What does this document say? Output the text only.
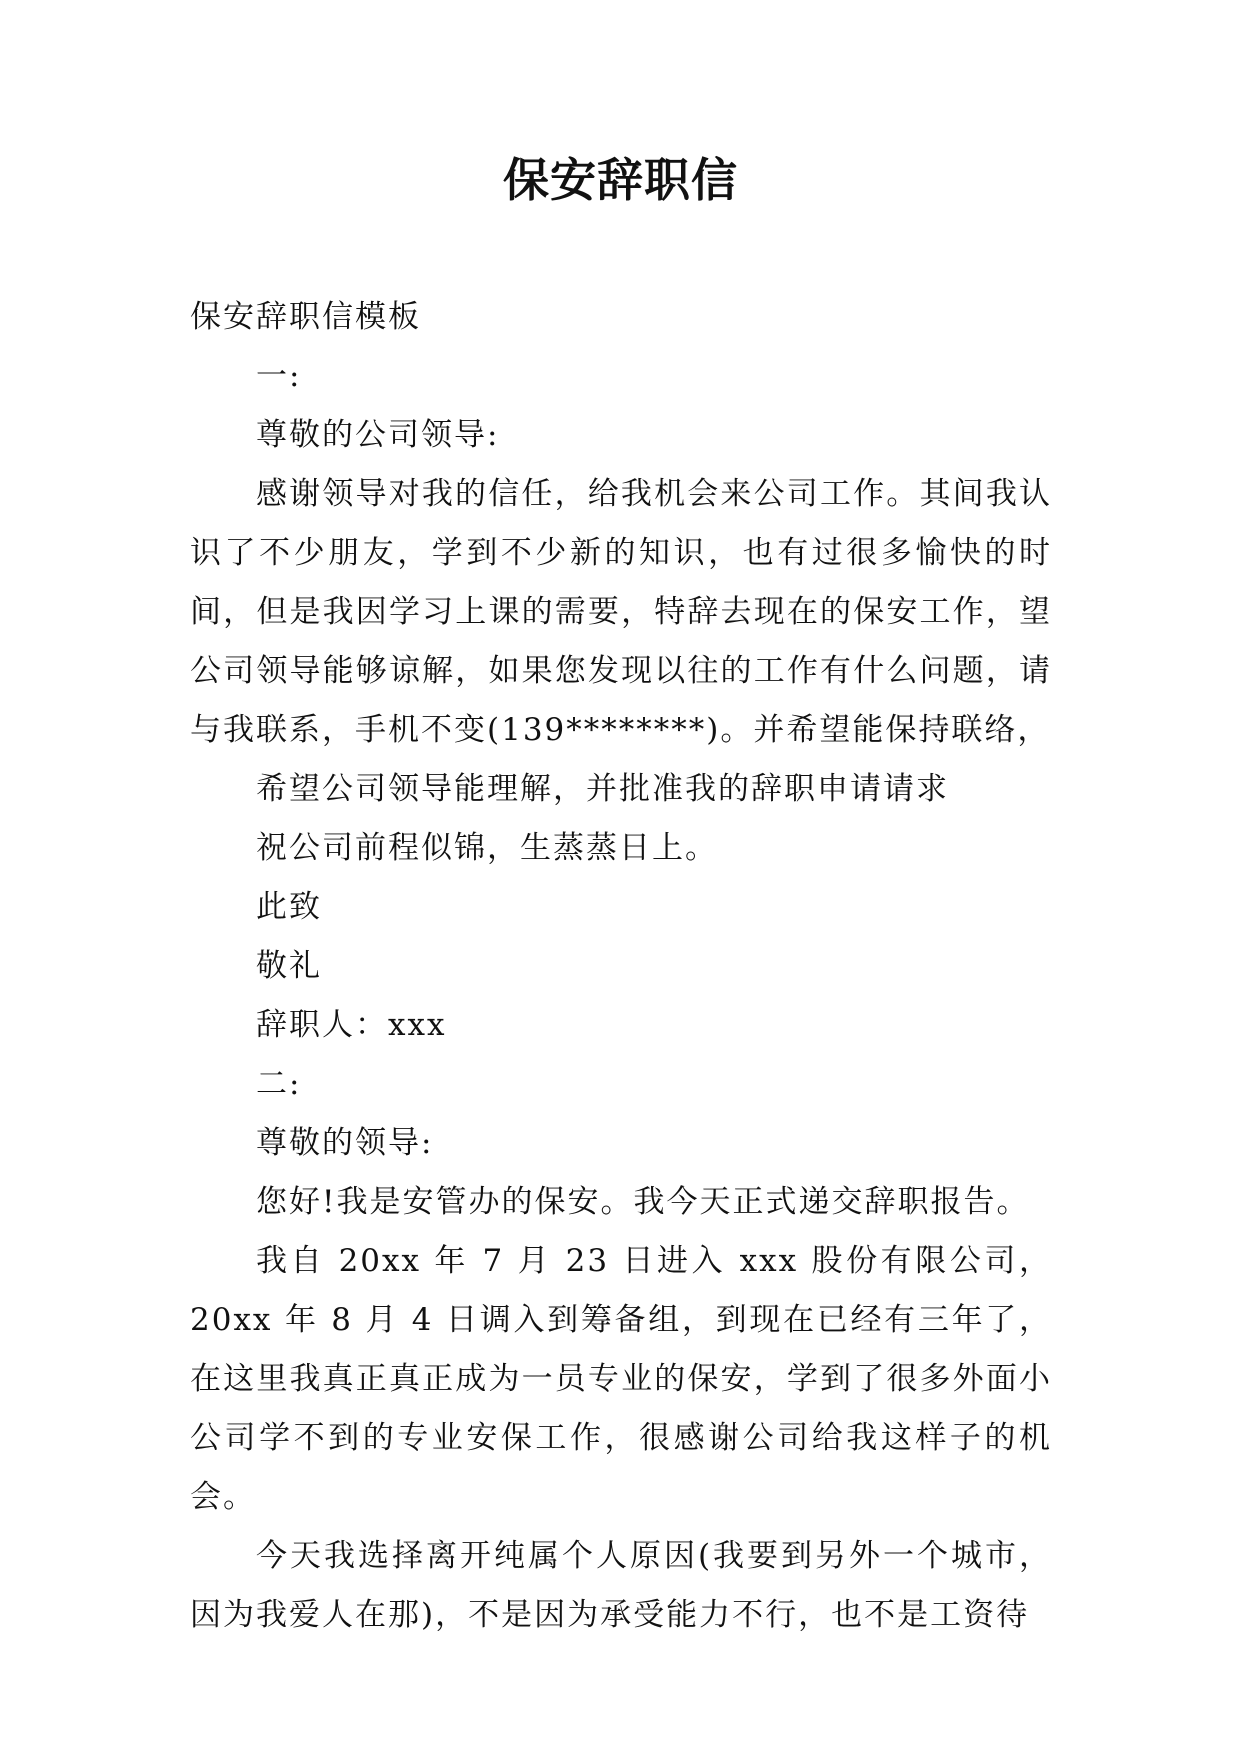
保安辞职信

保安辞职信模板

一:

尊敬的公司领导:

感谢领导对我的信任，给我机会来公司工作。其间我认识了不少朋友，学到不少新的知识，也有过很多愉快的时间，但是我因学习上课的需要，特辞去现在的保安工作，望公司领导能够谅解，如果您发现以往的工作有什么问题，请与我联系，手机不变(139********)。并希望能保持联络，

希望公司领导能理解，并批准我的辞职申请请求

祝公司前程似锦，生蒸蒸日上。

此致

敬礼

辞职人：xxx

二:

尊敬的领导:

您好!我是安管办的保安。我今天正式递交辞职报告。

我自 20xx 年 7 月 23 日进入 xxx 股份有限公司，20xx 年 8 月 4 日调入到筹备组，到现在已经有三年了，在这里我真正真正成为一员专业的保安，学到了很多外面小公司学不到的专业安保工作，很感谢公司给我这样子的机会。

今天我选择离开纯属个人原因(我要到另外一个城市，因为我爱人在那)，不是因为承受能力不行，也不是工资待
